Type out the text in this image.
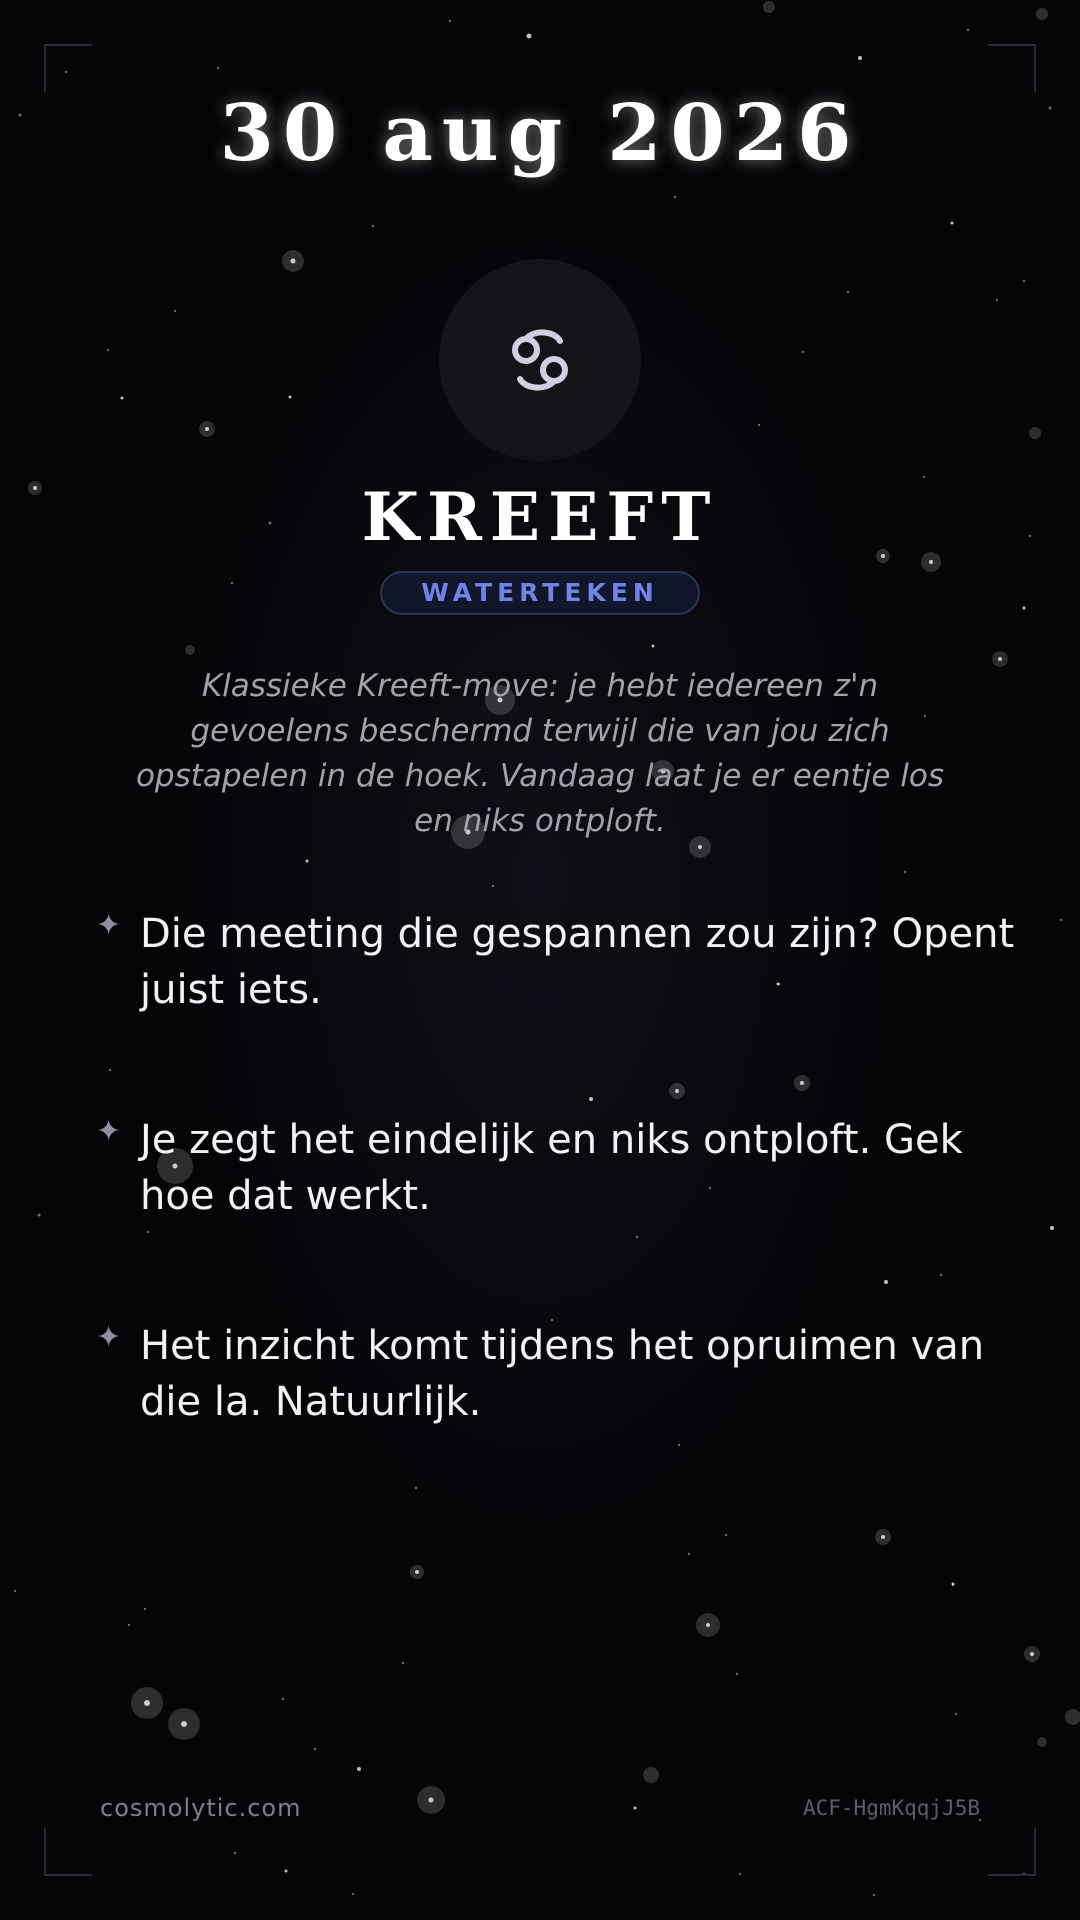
30 aug 2026
KREEFT
WATERTEKEN
Klassieke Kreeft-move: je hebt iedereen z'n gevoelens beschermd terwijl die van jou zich opstapelen in de hoek. Vandaag laat je er eentje los en niks ontploft.
✦ Die meeting die gespannen zou zijn? Opent juist iets.
✦ Je zegt het eindelijk en niks ontploft. Gek hoe dat werkt.
✦ Het inzicht komt tijdens het opruimen van die la. Natuurlijk.
cosmolytic.com	ACF-HgmKqqjJ5B
